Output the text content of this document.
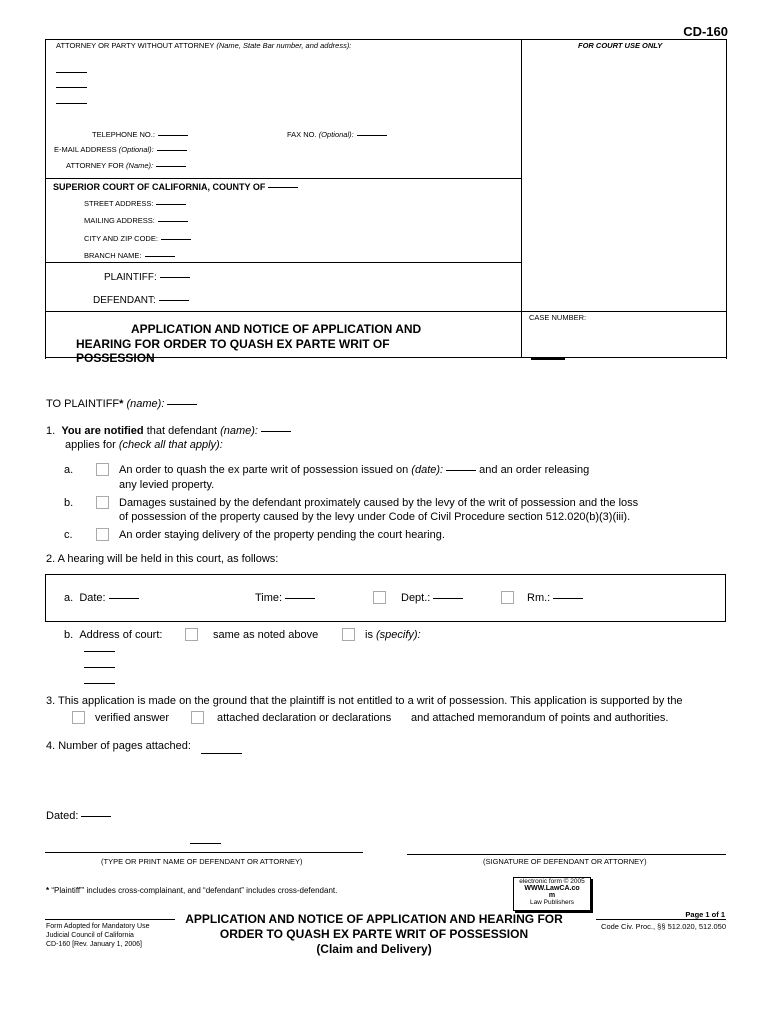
CD-160
ATTORNEY OR PARTY WITHOUT ATTORNEY (Name, State Bar number, and address):	FOR COURT USE ONLY
TELEPHONE NO.:	FAX NO. (Optional):
E-MAIL ADDRESS (Optional):
ATTORNEY FOR (Name):
SUPERIOR COURT OF CALIFORNIA, COUNTY OF
STREET ADDRESS:
MAILING ADDRESS:
CITY AND ZIP CODE:
BRANCH NAME:
PLAINTIFF:
DEFENDANT:
APPLICATION AND NOTICE OF APPLICATION AND
HEARING FOR ORDER TO QUASH EX PARTE WRIT OF
POSSESSION
CASE NUMBER:
TO PLAINTIFF* (name):
1. You are notified that defendant (name):
applies for (check all that apply):
a.	An order to quash the ex parte writ of possession issued on (date):	and an order releasing
any levied property.
b.	Damages sustained by the defendant proximately caused by the levy of the writ of possession and the loss
of possession of the property caused by the levy under Code of Civil Procedure section 512.020(b)(3)(iii).
c.	An order staying delivery of the property pending the court hearing.
2. A hearing will be held in this court, as follows:
a. Date:	Time:	Dept.:	Rm.:
b. Address of court:	same as noted above	is (specify):
3. This application is made on the ground that the plaintiff is not entitled to a writ of possession. This application is supported by the
verified answer	attached declaration or declarations and attached memorandum of points and authorities.
4. Number of pages attached:
Dated:
(TYPE OR PRINT NAME OF DEFENDANT OR ATTORNEY)	(SIGNATURE OF DEFENDANT OR ATTORNEY)
* “Plaintiff”' includes cross-complainant, and “defendant” includes cross-defendant.
electronic form © 2005
WWW.LawCA.co
m
Law Publishers
Form Adopted for Mandatory Use
Judicial Council of California
CD-160 [Rev. January 1, 2006]
APPLICATION AND NOTICE OF APPLICATION AND HEARING FOR
ORDER TO QUASH EX PARTE WRIT OF POSSESSION
(Claim and Delivery)
Page 1 of 1
Code Civ. Proc., §§ 512.020, 512.050
